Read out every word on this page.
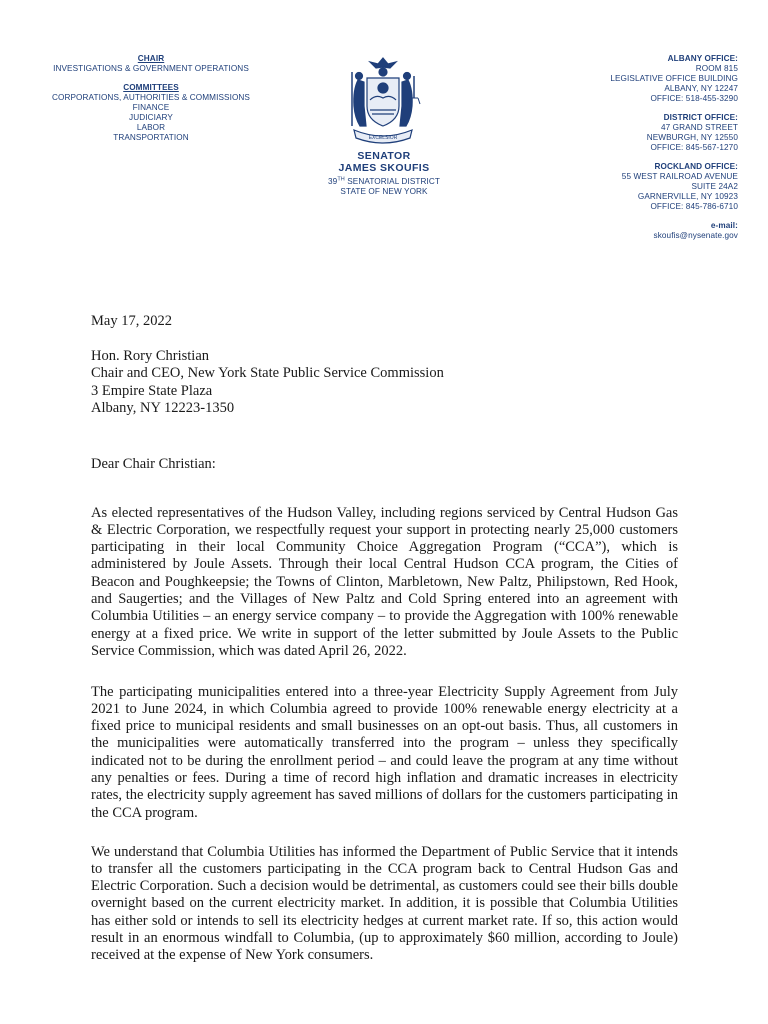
CHAIR
INVESTIGATIONS & GOVERNMENT OPERATIONS
COMMITTEES
CORPORATIONS, AUTHORITIES & COMMISSIONS
FINANCE
JUDICIARY
LABOR
TRANSPORTATION	EXCELSIOR
SENATOR
JAMES SKOUFIS
39TH SENATORIAL DISTRICT
STATE OF NEW YORK
ALBANY OFFICE:
ROOM 815
LEGISLATIVE OFFICE BUILDING
ALBANY, NY 12247
OFFICE: 518-455-3290
DISTRICT OFFICE:
47 GRAND STREET
NEWBURGH, NY 12550
OFFICE: 845-567-1270
ROCKLAND OFFICE:
55 WEST RAILROAD AVENUE
SUITE 24A2
GARNERVILLE, NY 10923
OFFICE: 845-786-6710
e-mail:
skoufis@nysenate.gov
May 17, 2022
Hon. Rory Christian
Chair and CEO, New York State Public Service Commission
3 Empire State Plaza
Albany, NY 12223-1350
Dear Chair Christian:

As elected representatives of the Hudson Valley, including regions serviced by Central Hudson Gas & Electric Corporation, we respectfully request your support in protecting nearly 25,000 customers participating in their local Community Choice Aggregation Program (“CCA”), which is administered by Joule Assets. Through their local Central Hudson CCA program, the Cities of Beacon and Poughkeepsie; the Towns of Clinton, Marbletown, New Paltz, Philipstown, Red Hook, and Saugerties; and the Villages of New Paltz and Cold Spring entered into an agreement with Columbia Utilities – an energy service company – to provide the Aggregation with 100% renewable energy at a fixed price. We write in support of the letter submitted by Joule Assets to the Public Service Commission, which was dated April 26, 2022.

The participating municipalities entered into a three-year Electricity Supply Agreement from July 2021 to June 2024, in which Columbia agreed to provide 100% renewable energy electricity at a fixed price to municipal residents and small businesses on an opt-out basis. Thus, all customers in the municipalities were automatically transferred into the program – unless they specifically indicated not to be during the enrollment period – and could leave the program at any time without any penalties or fees. During a time of record high inflation and dramatic increases in electricity rates, the electricity supply agreement has saved millions of dollars for the customers participating in the CCA program.

We understand that Columbia Utilities has informed the Department of Public Service that it intends to transfer all the customers participating in the CCA program back to Central Hudson Gas and Electric Corporation. Such a decision would be detrimental, as customers could see their bills double overnight based on the current electricity market. In addition, it is possible that Columbia Utilities has either sold or intends to sell its electricity hedges at current market rate. If so, this action would result in an enormous windfall to Columbia, (up to approximately $60 million, according to Joule) received at the expense of New York consumers.
